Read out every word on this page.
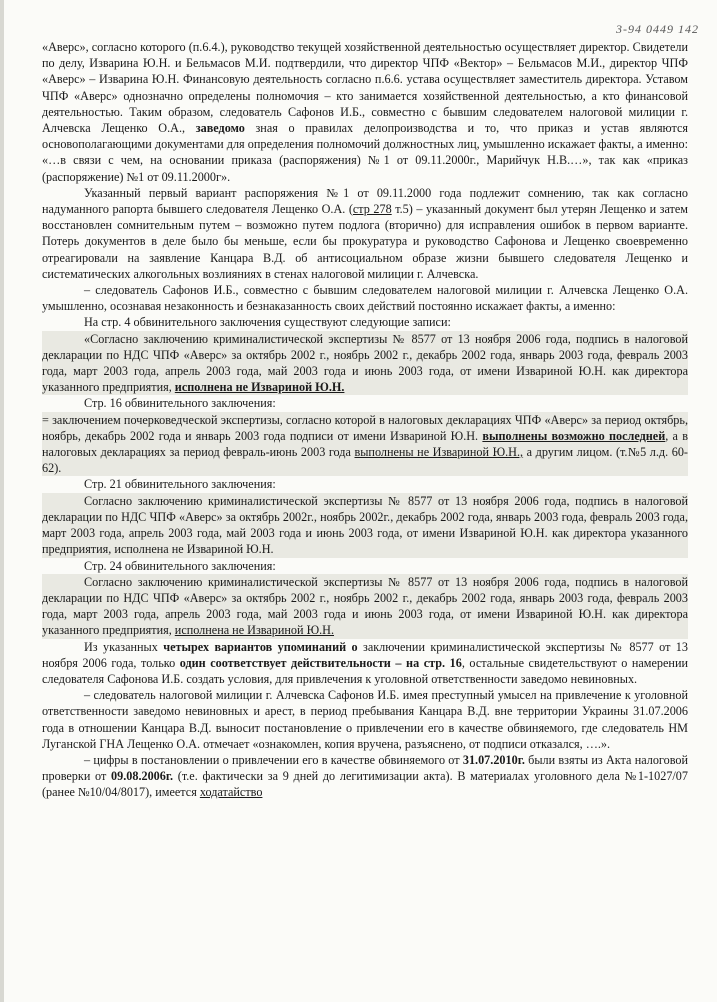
3-94 0449 142

«Аверс», согласно которого (п.6.4.), руководство текущей хозяйственной деятельностью осуществляет директор. Свидетели по делу, Изварина Ю.Н. и Бельмасов М.И. подтвердили, что директор ЧПФ «Вектор» – Бельмасов М.И., директор ЧПФ «Аверс» – Изварина Ю.Н. Финансовую деятельность согласно п.6.6. устава осуществляет заместитель директора. Уставом ЧПФ «Аверс» однозначно определены полномочия – кто занимается хозяйственной деятельностью, а кто финансовой деятельностью. Таким образом, следователь Сафонов И.Б., совместно с бывшим следователем налоговой милиции г. Алчевска Лещенко О.А., заведомо зная о правилах делопроизводства и то, что приказ и устав являются основополагающими документами для определения полномочий должностных лиц, умышленно искажает факты, а именно: «…в связи с чем, на основании приказа (распоряжения) №1 от 09.11.2000г., Марийчук Н.В.…», так как «приказ (распоряжение) №1 от 09.11.2000г».

Указанный первый вариант распоряжения №1 от 09.11.2000 года подлежит сомнению, так как согласно надуманного рапорта бывшего следователя Лещенко О.А. (стр 278 т.5) – указанный документ был утерян Лещенко и затем восстановлен сомнительным путем – возможно путем подлога (вторично) для исправления ошибок в первом варианте. Потерь документов в деле было бы меньше, если бы прокуратура и руководство Сафонова и Лещенко своевременно отреагировали на заявление Канцара В.Д. об антисоциальном образе жизни бывшего следователя Лещенко и систематических алкогольных возлияниях в стенах налоговой милиции г. Алчевска.

– следователь Сафонов И.Б., совместно с бывшим следователем налоговой милиции г. Алчевска Лещенко О.А. умышленно, осознавая незаконность и безнаказанность своих действий постоянно искажает факты, а именно:

На стр. 4 обвинительного заключения существуют следующие записи:

«Согласно заключению криминалистической экспертизы № 8577 от 13 ноября 2006 года, подпись в налоговой декларации по НДС ЧПФ «Аверс» за октябрь 2002 г., ноябрь 2002 г., декабрь 2002 года, январь 2003 года, февраль 2003 года, март 2003 года, апрель 2003 года, май 2003 года и июнь 2003 года, от имени Извариной Ю.Н. как директора указанного предприятия, исполнена не Извариной Ю.Н.

Стр. 16 обвинительного заключения:

= заключением почерковедческой экспертизы, согласно которой в налоговых декларациях ЧПФ «Аверс» за период октябрь, ноябрь, декабрь 2002 года и январь 2003 года подписи от имени Извариной Ю.Н. выполнены возможно последней, а в налоговых декларациях за период февраль-июнь 2003 года выполнены не Извариной Ю.Н., а другим лицом. (т.№5 л.д. 60-62).

Стр. 21 обвинительного заключения:

Согласно заключению криминалистической экспертизы № 8577 от 13 ноября 2006 года, подпись в налоговой декларации по НДС ЧПФ «Аверс» за октябрь 2002г., ноябрь 2002г., декабрь 2002 года, январь 2003 года, февраль 2003 года, март 2003 года, апрель 2003 года, май 2003 года и июнь 2003 года, от имени Извариной Ю.Н. как директора указанного предприятия, исполнена не Извариной Ю.Н.

Стр. 24 обвинительного заключения:

Согласно заключению криминалистической экспертизы № 8577 от 13 ноября 2006 года, подпись в налоговой декларации по НДС ЧПФ «Аверс» за октябрь 2002 г., ноябрь 2002 г., декабрь 2002 года, январь 2003 года, февраль 2003 года, март 2003 года, апрель 2003 года, май 2003 года и июнь 2003 года, от имени Извариной Ю.Н. как директора указанного предприятия, исполнена не Извариной Ю.Н.

Из указанных четырех вариантов упоминаний о заключении криминалистической экспертизы № 8577 от 13 ноября 2006 года, только один соответствует действительности – на стр. 16, остальные свидетельствуют о намерении следователя Сафонова И.Б. создать условия, для привлечения к уголовной ответственности заведомо невиновных.

– следователь налоговой милиции г. Алчевска Сафонов И.Б. имея преступный умысел на привлечение к уголовной ответственности заведомо невиновных и арест, в период пребывания Канцара В.Д. вне территории Украины 31.07.2006 года в отношении Канцара В.Д. выносит постановление о привлечении его в качестве обвиняемого, где следователь НМ Луганской ГНА Лещенко О.А. отмечает «ознакомлен, копия вручена, разъяснено, от подписи отказался, ….».

– цифры в постановлении о привлечении его в качестве обвиняемого от 31.07.2010г. были взяты из Акта налоговой проверки от 09.08.2006г. (т.е. фактически за 9 дней до легитимизации акта). В материалах уголовного дела №1-1027/07 (ранее №10/04/8017), имеется ходатайство
